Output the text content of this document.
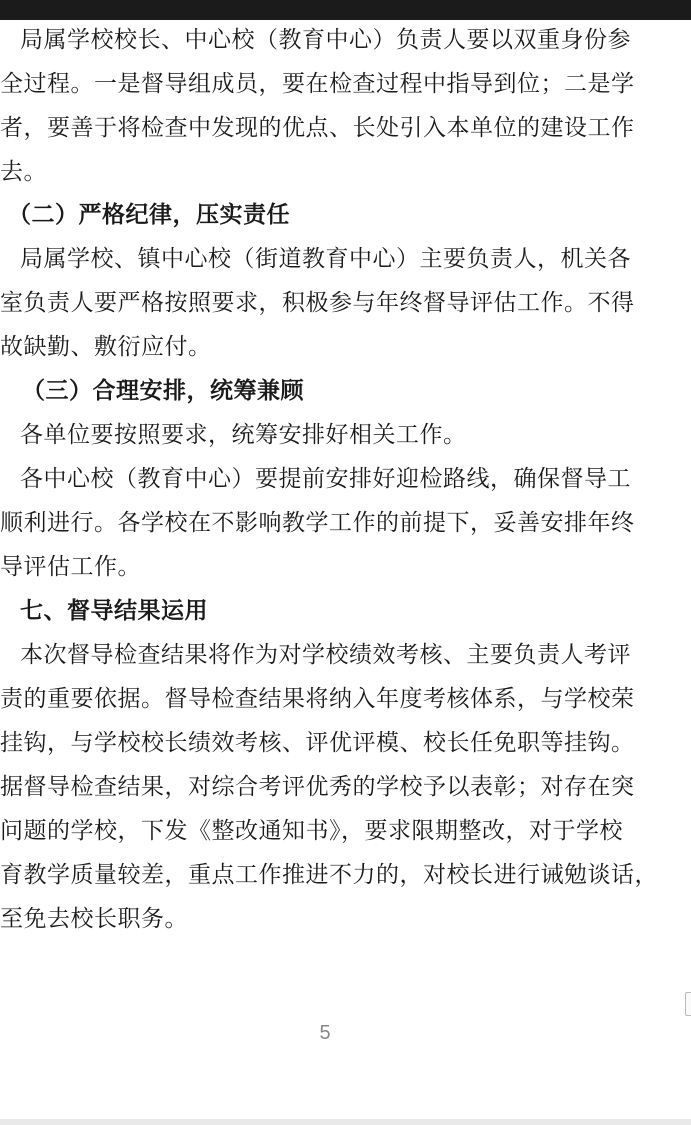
局属学校校长、中心校（教育中心）负责人要以双重身份参
全过程。一是督导组成员，要在检查过程中指导到位；二是学
者，要善于将检查中发现的优点、长处引入本单位的建设工作
去。
（二）严格纪律，压实责任
局属学校、镇中心校（街道教育中心）主要负责人，机关各
室负责人要严格按照要求，积极参与年终督导评估工作。不得
故缺勤、敷衍应付。
（三）合理安排，统筹兼顾
各单位要按照要求，统筹安排好相关工作。
各中心校（教育中心）要提前安排好迎检路线，确保督导工
顺利进行。各学校在不影响教学工作的前提下，妥善安排年终
导评估工作。
七、督导结果运用
本次督导检查结果将作为对学校绩效考核、主要负责人考评
责的重要依据。督导检查结果将纳入年度考核体系，与学校荣
挂钩，与学校校长绩效考核、评优评模、校长任免职等挂钩。
据督导检查结果，对综合考评优秀的学校予以表彰；对存在突
问题的学校，下发《整改通知书》，要求限期整改，对于学校
育教学质量较差，重点工作推进不力的，对校长进行诫勉谈话，
至免去校长职务。
5
